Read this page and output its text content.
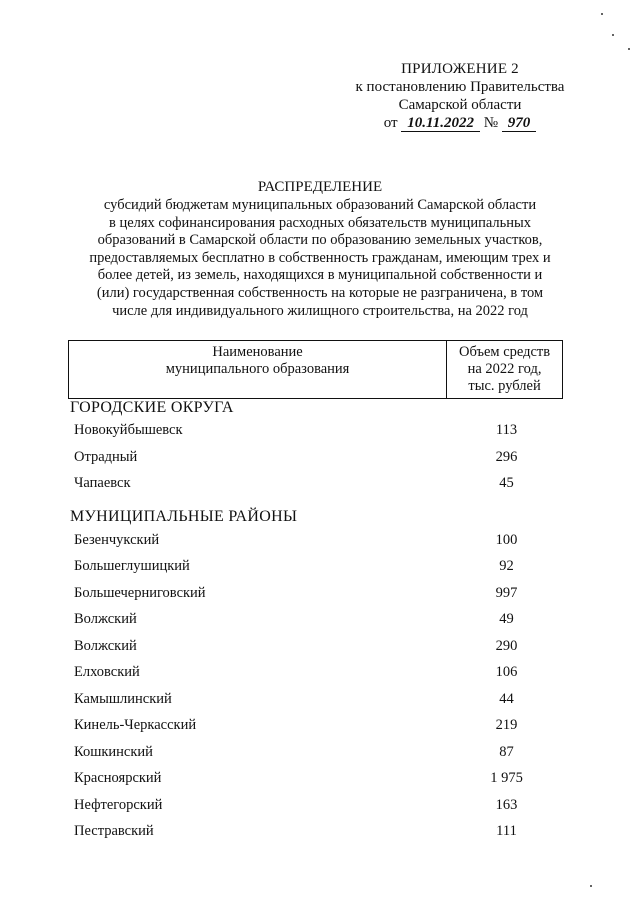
ПРИЛОЖЕНИЕ 2
к постановлению Правительства
Самарской области
от 10.11.2022 № 970
РАСПРЕДЕЛЕНИЕ
субсидий бюджетам муниципальных образований Самарской области
в целях софинансирования расходных обязательств муниципальных
образований в Самарской области по образованию земельных участков,
предоставляемых бесплатно в собственность гражданам, имеющим трех и
более детей, из земель, находящихся в муниципальной собственности и
(или) государственная собственность на которые не разграничена, в том
числе для индивидуального жилищного строительства, на 2022 год
Наименование
муниципального образования

Объем средств
на 2022 год,
тыс. рублей
ГОРОДСКИЕ ОКРУГА
Новокуйбышевск	113
Отрадный	296
Чапаевск	45
МУНИЦИПАЛЬНЫЕ РАЙОНЫ
Безенчукский	100
Большеглушицкий	92
Большечерниговский	997
Волжский	49
Волжский	290
Елховский	106
Камышлинский	44
Кинель-Черкасский	219
Кошкинский	87
Красноярский	1 975
Нефтегорский	163
Пестравский	111
